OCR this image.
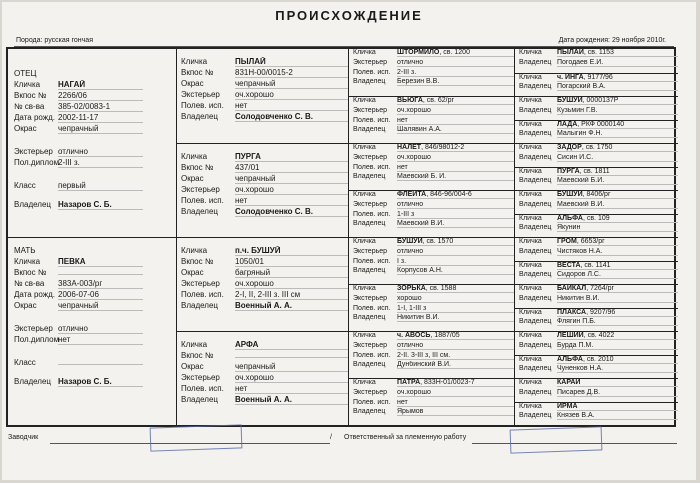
ПРОИСХОЖДЕНИЕ
Порода: русская гончая	Дата рождения: 29 ноября 2010г.
ОТЕЦ
Кличка	НАГАЙ
Вкпос №	2266/06
№ св-ва	385-02/0083-1
Дата рожд. 2002-11-17
Окрас	чепрачный
Экстерьер отлично
Пол.диплом
2-III з.
Класс	первый
Владелец Назаров С. Б.
МАТЬ
Кличка	ПЕВКА
Вкпос №
№ св-ва	383А-003/рг
Дата рожд. 2006-07-06
Окрас	чепрачный
Экстерьер отлично
Пол.диплом
нет
Класс
Владелец Назаров С. Б.
Кличка	ПЫЛАЙ
Вкпос №	831Н-00/0015-2
Окрас	чепрачный
Экстерьер	оч.хорошо
Полев. исп.	нет
Владелец	Солодовченко С. В.
Кличка	ПУРГА
Вкпос №	437/01
Окрас	чепрачный
Экстерьер	оч.хорошо
Полев. исп.	нет
Владелец	Солодовченко С. В.
Кличка	п.ч. БУШУЙ
Вкпос №	1050/01
Окрас	багряный
Экстерьер	оч.хорошо
Полев. исп.	2-I, II, 2-III з. III см
Владелец	Военный А. А.
Кличка	АРФА
Вкпос №
Окрас	чепрачный
Экстерьер	оч.хорошо
Полев. исп.	нет
Владелец	Военный А. А.
Кличка	ШТОРМИЛО, св. 1200
Экстерьер	отлично
Полев. исп. 2-III з.
Владелец	Березин В.В.
Кличка	ВЬЮГА, св. 62/рг
Экстерьер	оч.хорошо
Полев. исп. нет
Владелец	Шалявин А.А.
Кличка	НАЛЁТ, 846/98012-2
Экстерьер	оч.хорошо
Полев. исп. нет
Владелец	Маевский Б. И.
Кличка	ФЛЕЙТА, 846-96/004-6
Экстерьер	отлично
Полев. исп. 1-III з
Владелец	Маевский В.И.
Кличка	БУШУЙ, св. 1570
Экстерьер	отлично
Полев. исп. I з.
Владелец	Корпусов А.Н.
Кличка	ЗОРЬКА, св. 1588
Экстерьер	хорошо
Полев. исп. 1-I, 1-III з
Владелец	Никитин В.И.
Кличка	ч. АВОСЬ, 1887/05
Экстерьер	отлично
Полев. исп. 2-II. 3-III з, III см.
Владелец	Дунбинский В.И.
Кличка	ПАТРА, 833Н-01/0023-7
Экстерьер	оч.хорошо
Полев. исп. нет
Владелец	Ярымов
Кличка	ПЫЛАЙ, св. 1153
Владелец Погодаев Е.И.
Кличка	ч. ИНГА, 9177/96
Владелец Погарский В.А.
Кличка	БУШУЙ, 0000137Р
Владелец Кузьмин Г.В.
Кличка	ЛАДА, РКФ 0000140
Владелец Малыгин Ф.Н.
Кличка	ЗАДОР, св. 1750
Владелец Сисин И.С.
Кличка	ПУРГА, св. 1811
Владелец Маевский Б.И.
Кличка	БУШУЙ, 8406/рг
Владелец Маевский В.И.
Кличка	АЛЬФА, св. 109
Владелец Якунин
Кличка	ГРОМ, 6653/рг
Владелец Чистяков Н.А.
Кличка	ВЕСТА, св. 1141
Владелец Сидоров Л.С.
Кличка	БАЙКАЛ, 7264/рг
Владелец Никитин В.И.
Кличка	ПЛАКСА, 9207/96
Владелец Флягин П.Б.
Кличка	ЛЕШИЙ, св. 4022
Владелец Бурда П.М.
Кличка	АЛЬФА, св. 2010
Владелец Чуненков Н.А.
Кличка	КАРАЙ
Владелец Писарев Д.В.
Кличка	ИРМА
Владелец Князев В.А.
Заводчик	/ Ответственный за племенную работу
